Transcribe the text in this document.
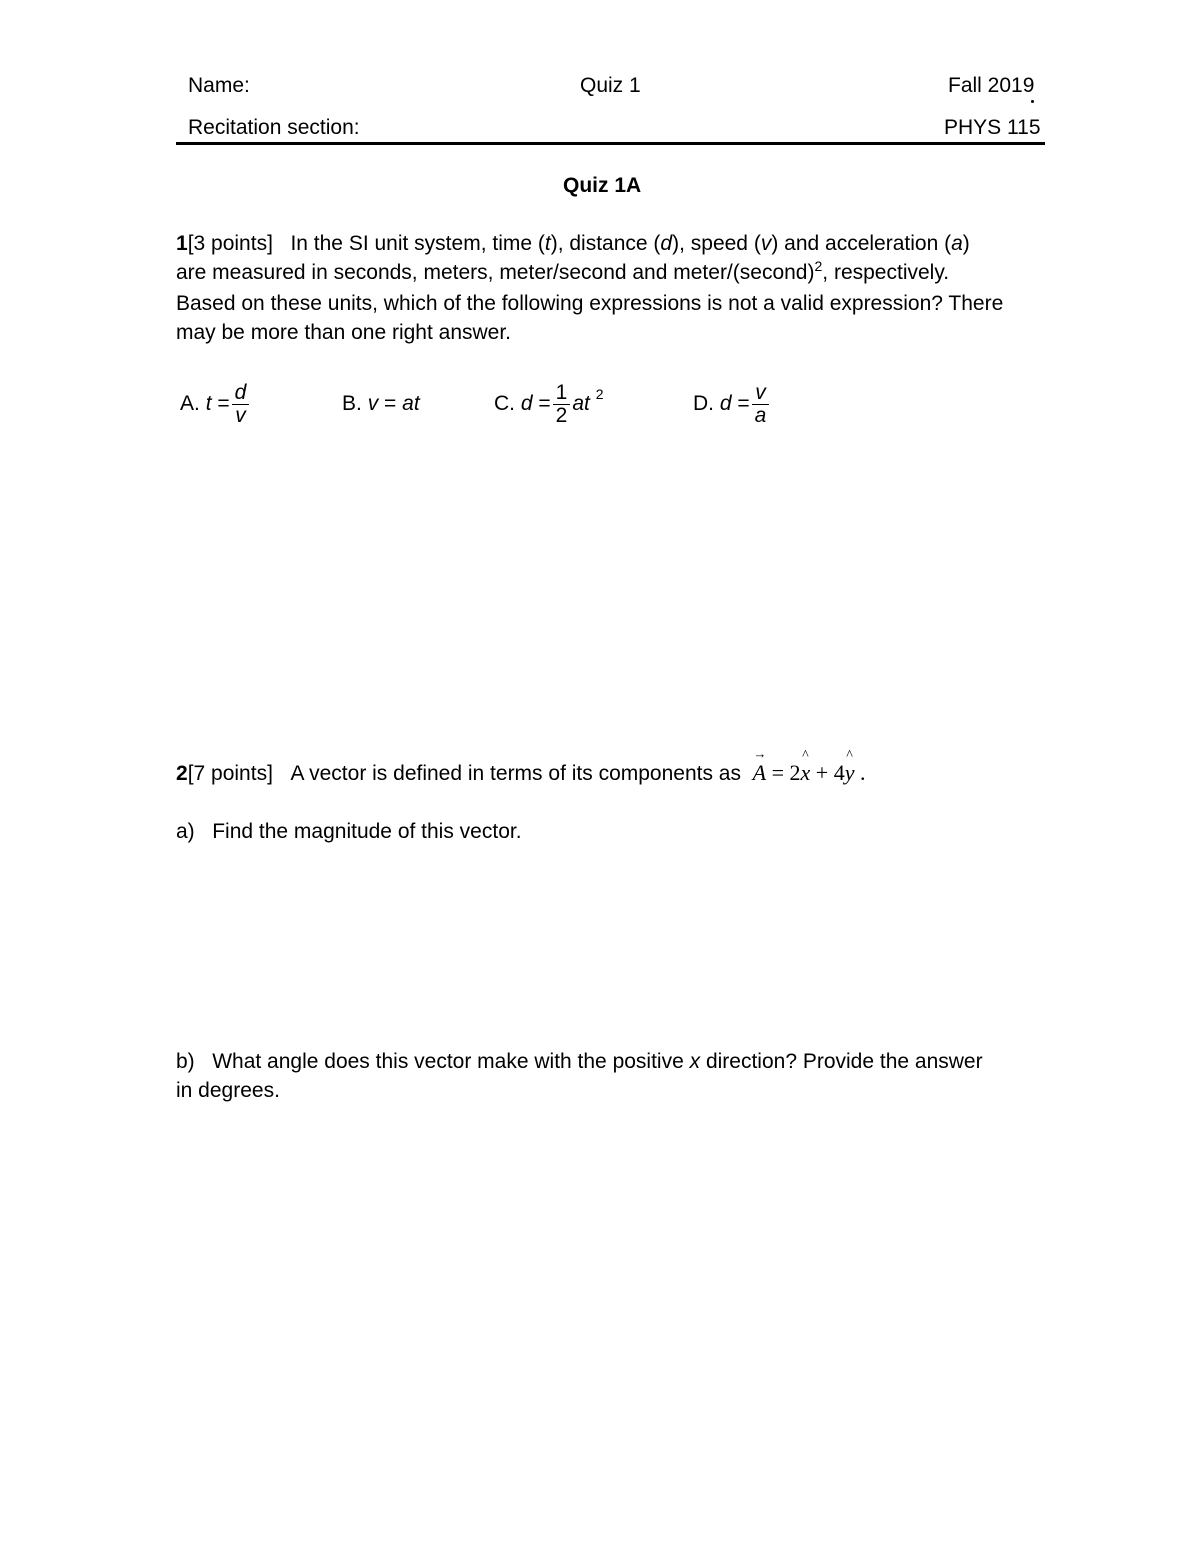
Name:	Quiz 1	Fall 2019
Recitation section:	PHYS 115
Quiz 1A
1[3 points] In the SI unit system, time (t), distance (d), speed (v) and acceleration (a)
are measured in seconds, meters, meter/second and meter/(second)$^2$, respectively.
Based on these units, which of the following expressions is not a valid expression? There
may be more than one right answer.
A.
t
= $\frac{d}{v}$	B.
v
=
at	C.
d
= $\frac{1}{2}$ at
2	D.
d
= $\frac{v}{a}$
2[7 points] A vector is defined in terms of its components as A → = 2x ^ + 4y ^ .
a) Find the magnitude of this vector.
b) What angle does this vector make with the positive x direction? Provide the answer
in degrees.
